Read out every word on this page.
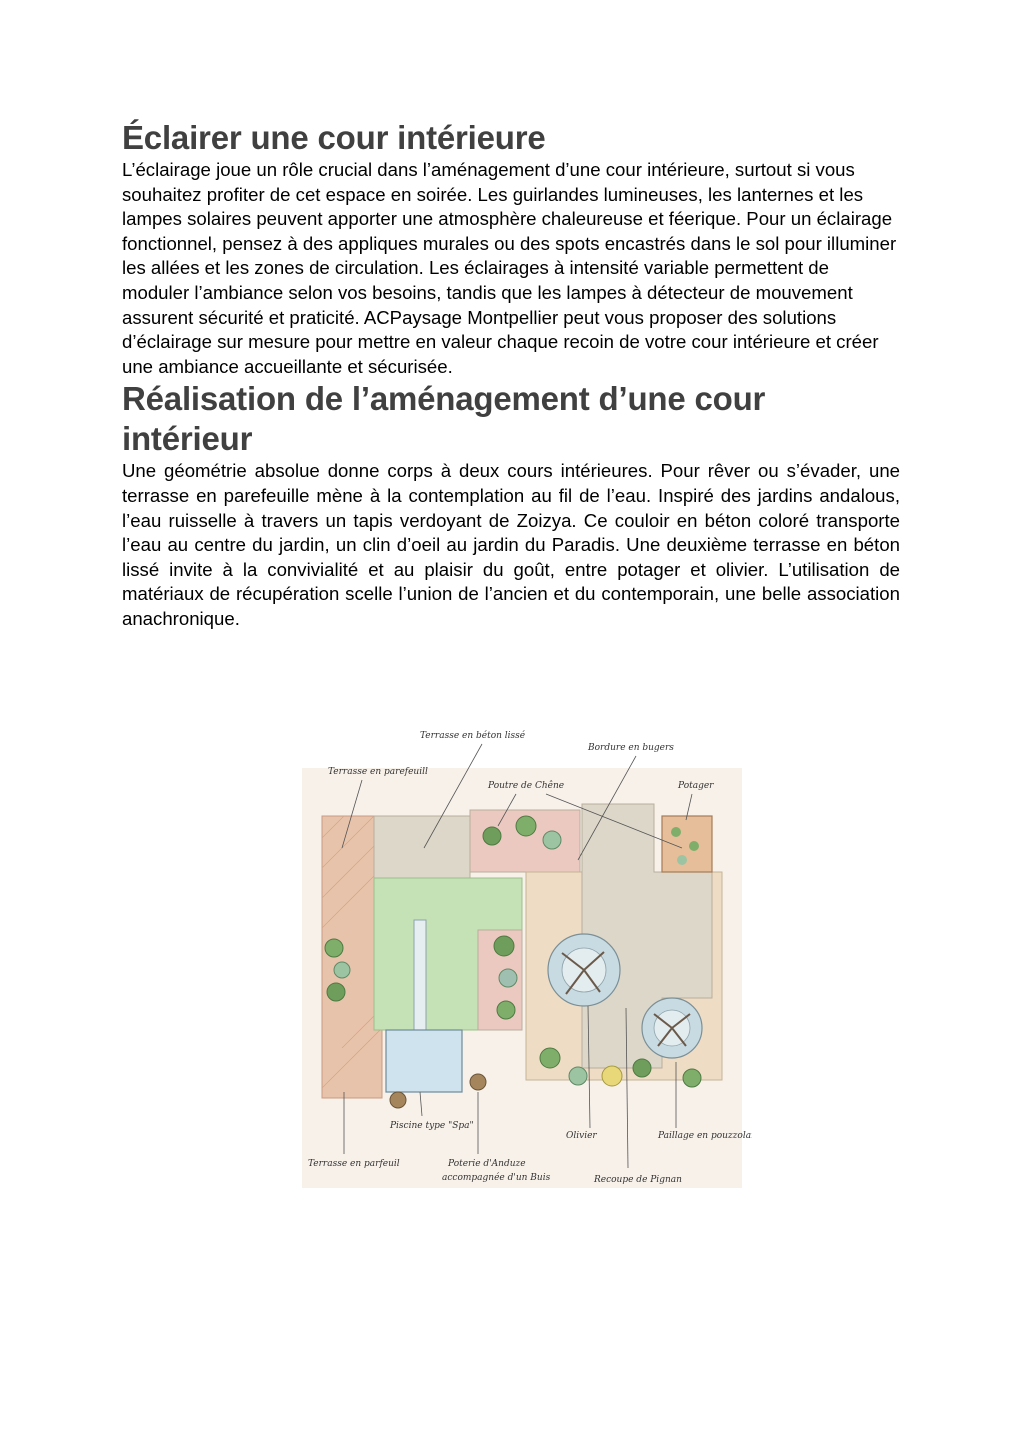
Éclairer une cour intérieure

L’éclairage joue un rôle crucial dans l’aménagement d’une cour intérieure, surtout si vous souhaitez profiter de cet espace en soirée. Les guirlandes lumineuses, les lanternes et les lampes solaires peuvent apporter une atmosphère chaleureuse et féerique. Pour un éclairage fonctionnel, pensez à des appliques murales ou des spots encastrés dans le sol pour illuminer les allées et les zones de circulation. Les éclairages à intensité variable permettent de moduler l’ambiance selon vos besoins, tandis que les lampes à détecteur de mouvement assurent sécurité et praticité. ACPaysage Montpellier peut vous proposer des solutions d’éclairage sur mesure pour mettre en valeur chaque recoin de votre cour intérieure et créer une ambiance accueillante et sécurisée.

Réalisation de l’aménagement d’une cour intérieur

Une géométrie absolue donne corps à deux cours intérieures. Pour rêver ou s’évader, une terrasse en parefeuille mène à la contemplation au fil de l’eau. Inspiré des jardins andalous, l’eau ruisselle à travers un tapis verdoyant de Zoizya. Ce couloir en béton coloré transporte l’eau au centre du jardin, un clin d’oeil au jardin du Paradis. Une deuxième terrasse en béton lissé invite à la convivialité et au plaisir du goût, entre potager et olivier. L’utilisation de matériaux de récupération scelle l’union de l’ancien et du contemporain, une belle association anachronique.

Terrasse en béton lissé
Terrasse en parefeuill
Bordure en bugers
Poutre de Chêne	Potager
Piscine type "Spa"
Olivier	Paillage en pouzzolane
Terrasse en parfeuil	Poterie d'Anduze
accompagnée d'un Buis	Recoupe de Pignan
